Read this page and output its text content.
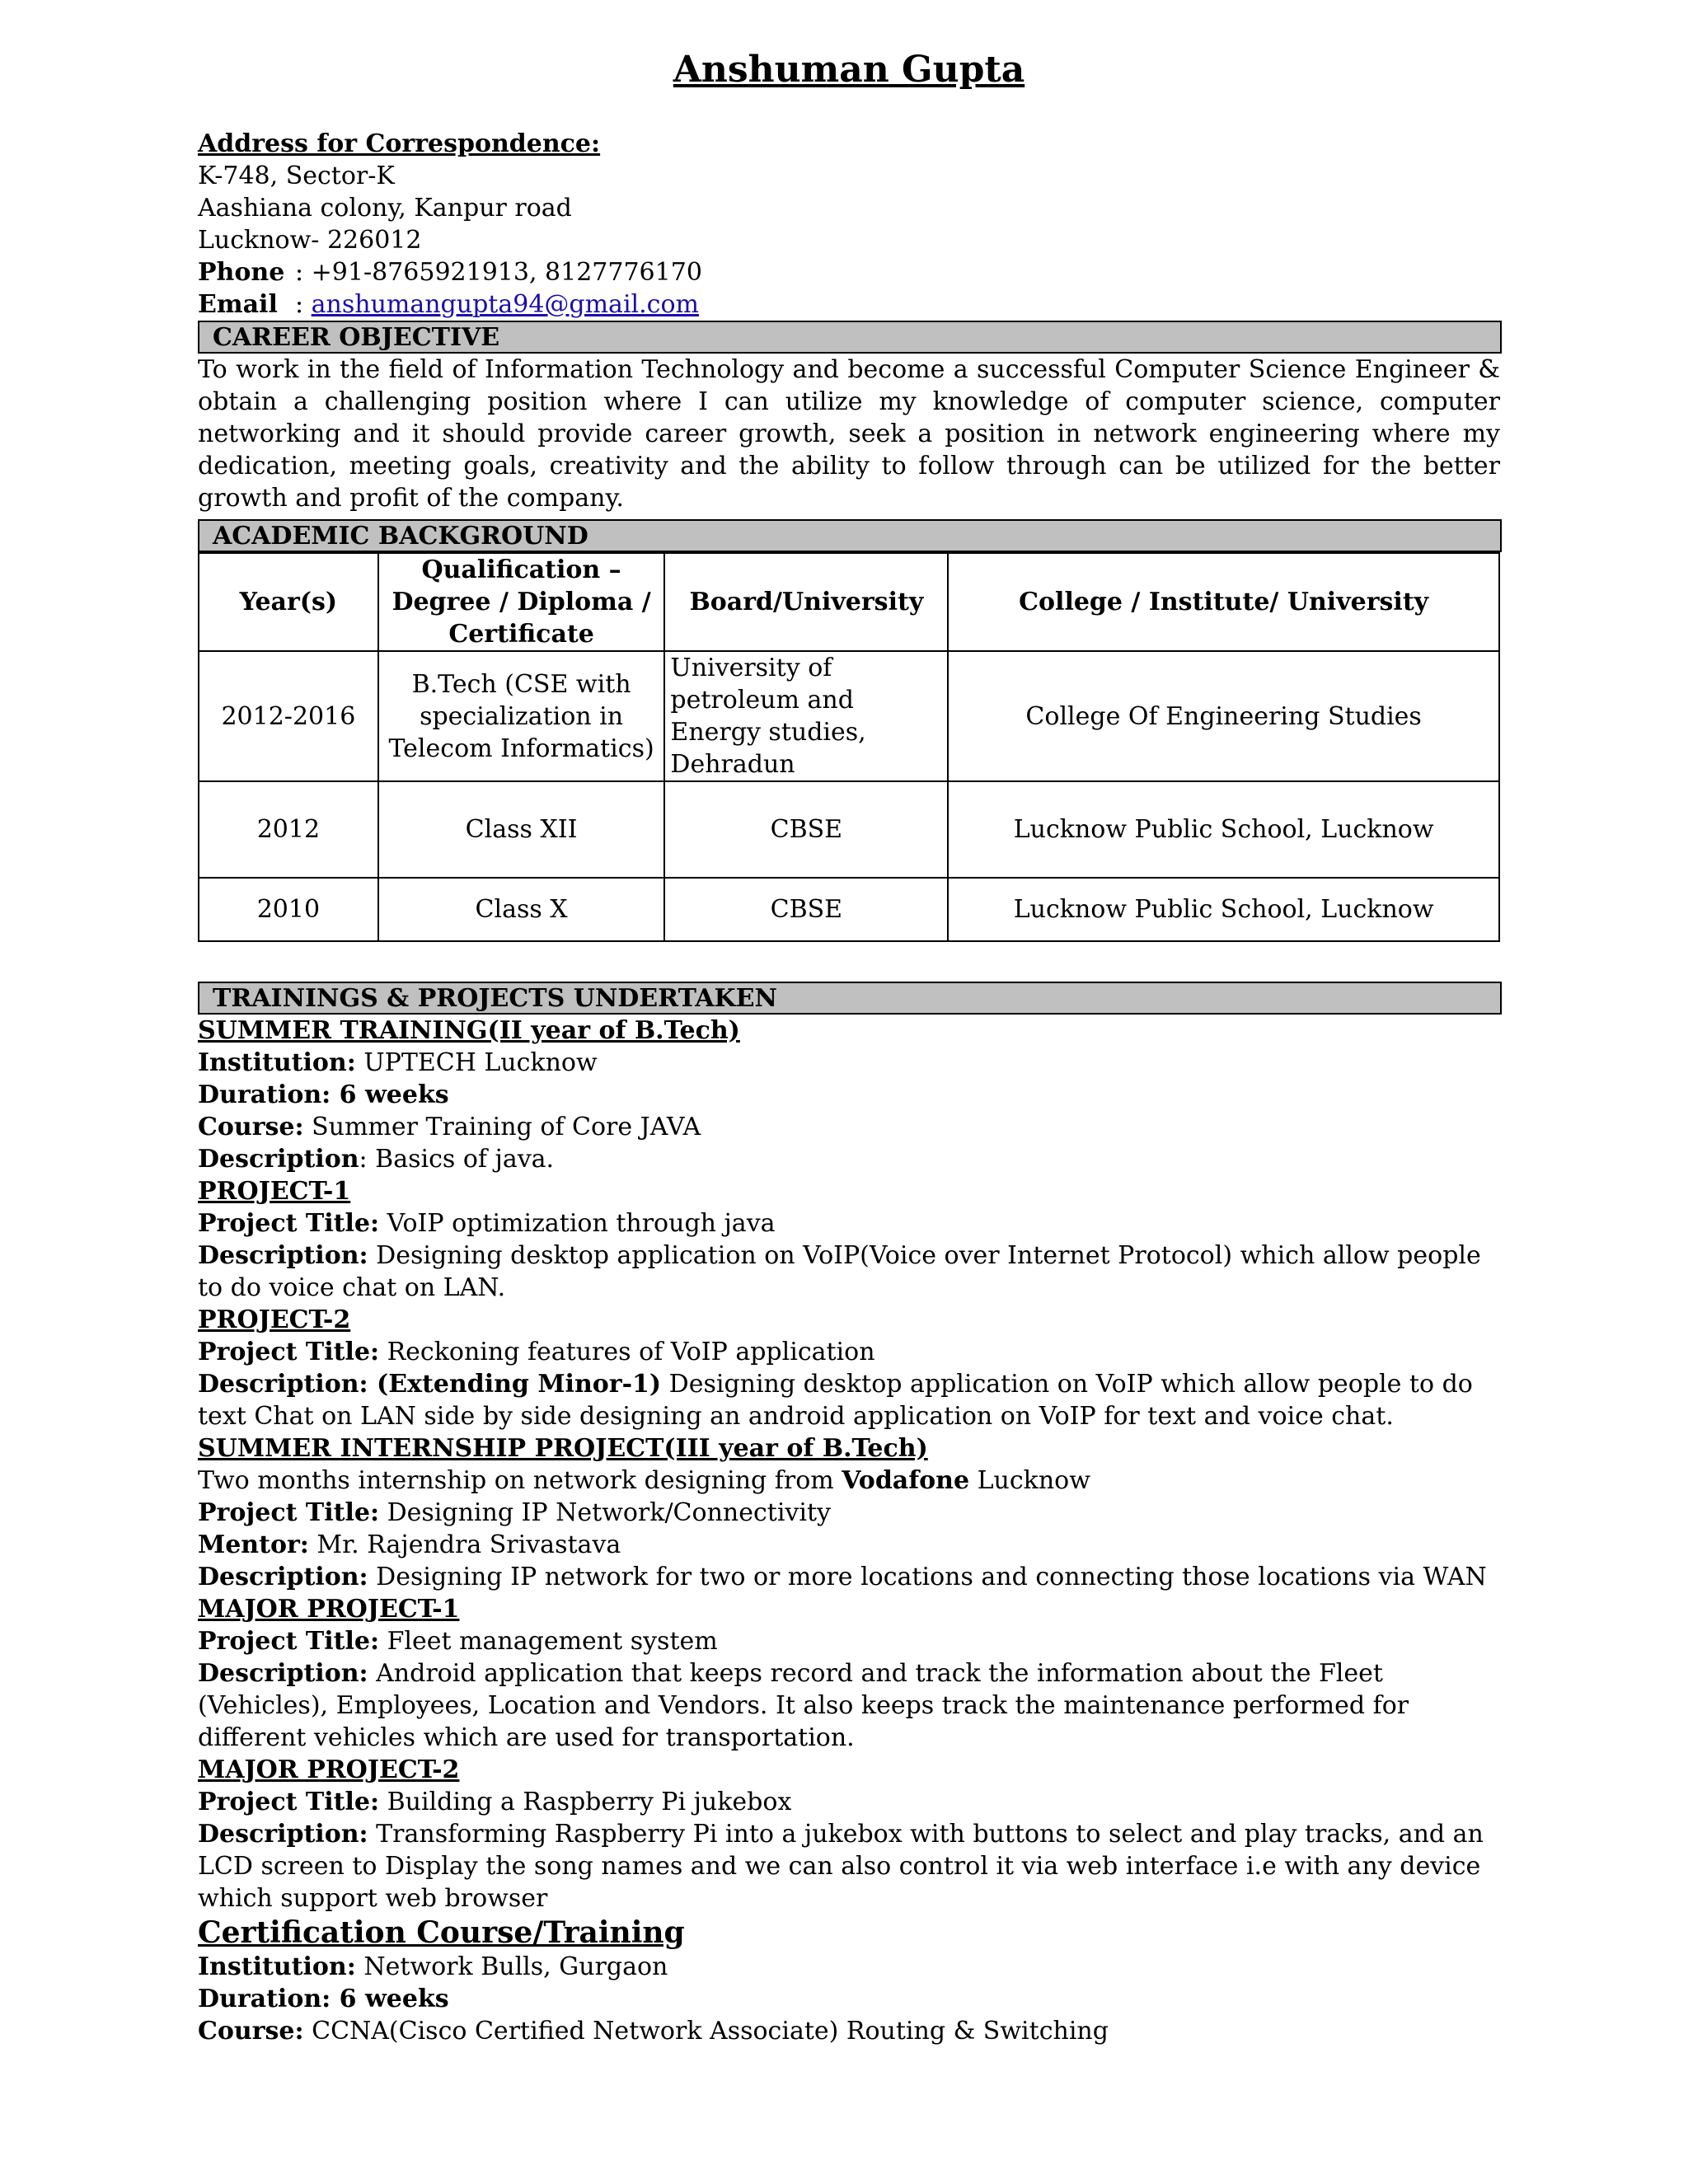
Anshuman Gupta
Address for Correspondence:
K-748, Sector-K
Aashiana colony, Kanpur road
Lucknow- 226012
Phone : +91-8765921913, 8127776170
Email : anshumangupta94@gmail.com
CAREER OBJECTIVE
To work in the field of Information Technology and become a successful Computer Science Engineer & obtain a challenging position where I can utilize my knowledge of computer science, computer networking and it should provide career growth, seek a position in network engineering where my dedication, meeting goals, creativity and the ability to follow through can be utilized for the better growth and profit of the company.
ACADEMIC BACKGROUND
Year(s)	Qualification – Degree / Diploma / Certificate	Board/University	College / Institute/ University
2012-2016	B.Tech (CSE with specialization in Telecom Informatics)	University of petroleum and Energy studies, Dehradun	College Of Engineering Studies
2012	Class XII	CBSE	Lucknow Public School, Lucknow
2010	Class X	CBSE	Lucknow Public School, Lucknow
TRAININGS & PROJECTS UNDERTAKEN
SUMMER TRAINING(II year of B.Tech)
Institution: UPTECH Lucknow
Duration: 6 weeks
Course: Summer Training of Core JAVA
Description: Basics of java.
PROJECT-1
Project Title: VoIP optimization through java
Description: Designing desktop application on VoIP(Voice over Internet Protocol) which allow people to do voice chat on LAN.
PROJECT-2
Project Title: Reckoning features of VoIP application
Description: (Extending Minor-1) Designing desktop application on VoIP which allow people to do text Chat on LAN side by side designing an android application on VoIP for text and voice chat.
SUMMER INTERNSHIP PROJECT(III year of B.Tech)
Two months internship on network designing from Vodafone Lucknow
Project Title: Designing IP Network/Connectivity
Mentor: Mr. Rajendra Srivastava
Description: Designing IP network for two or more locations and connecting those locations via WAN
MAJOR PROJECT-1
Project Title: Fleet management system
Description: Android application that keeps record and track the information about the Fleet (Vehicles), Employees, Location and Vendors. It also keeps track the maintenance performed for different vehicles which are used for transportation.
MAJOR PROJECT-2
Project Title: Building a Raspberry Pi jukebox
Description: Transforming Raspberry Pi into a jukebox with buttons to select and play tracks, and an LCD screen to Display the song names and we can also control it via web interface i.e with any device which support web browser
Certification Course/Training
Institution: Network Bulls, Gurgaon
Duration: 6 weeks
Course: CCNA(Cisco Certified Network Associate) Routing & Switching
